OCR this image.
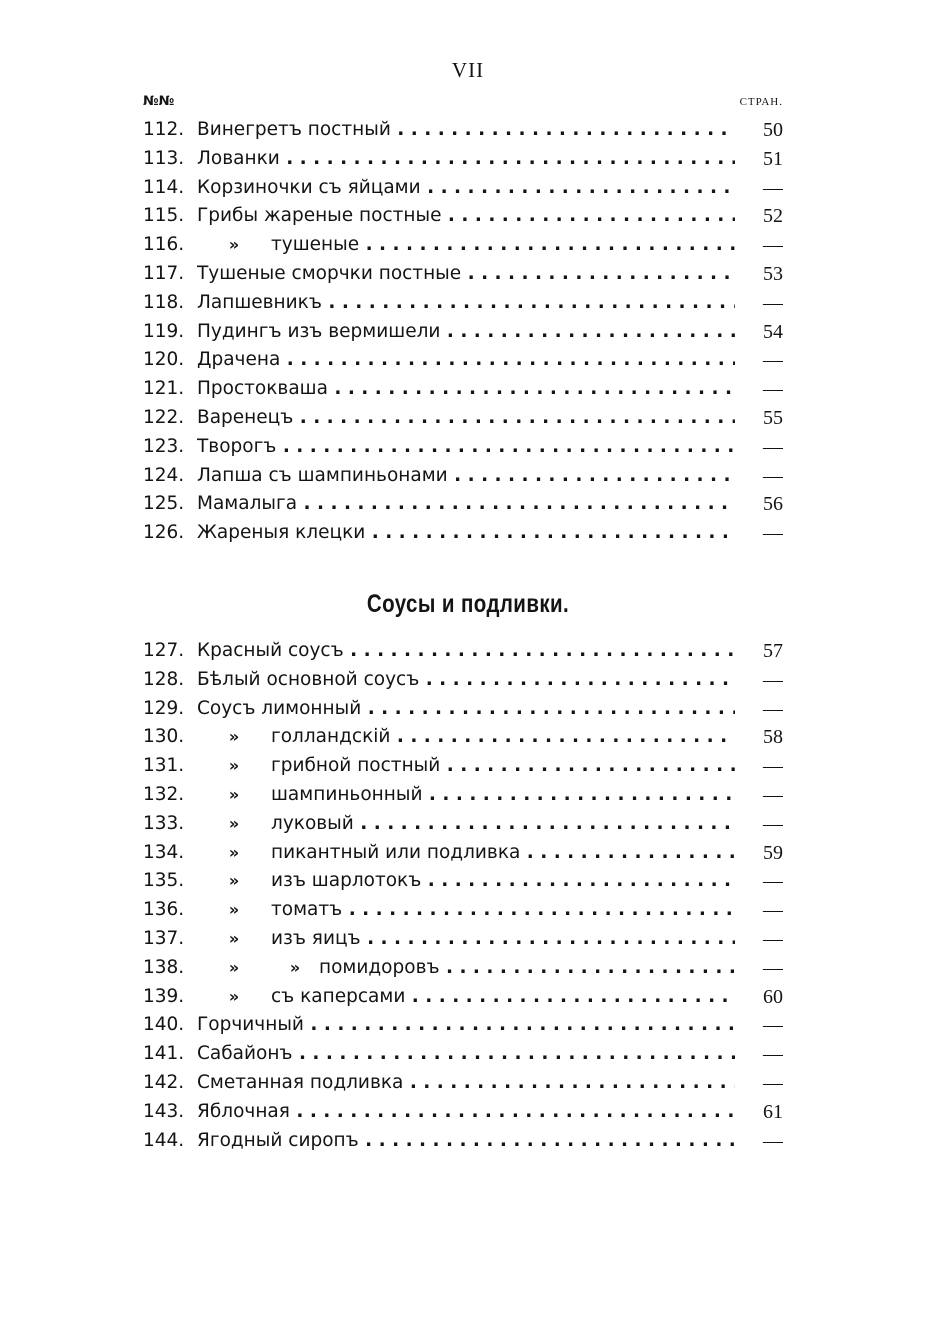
VII
№№	СТРАН.
112. Винегретъ постный . .	50
113. Лованки . .	51
114. Корзиночки съ яйцами . .	—
115. Грибы жареные постные . .	52
116.	» тушеные . .	—
117. Тушеные сморчки постные . .	53
118. Лапшевникъ . .	—
119. Пудингъ изъ вермишели . .	54
120. Драчена . .	—
121. Простокваша . .	—
122. Варенецъ . .	55
123. Творогъ . .	—
124. Лапша съ шампиньонами . .	—
125. Мамалыга . .	56
126. Жареныя клецки . .	—
Соусы и подливки.
127. Красный соусъ . .	57
128. Бѣлый основной соусъ . .	—
129. Соусъ лимонный . .	—
130.	» голландскій . .	58
131.	» грибной постный . .	—
132.	» шампиньонный . .	—
133.	» луковый . .	—
134.	» пикантный или подливка . .	59
135.	» изъ шарлотокъ . .	—
136.	» томатъ . .	—
137.	» изъ яицъ . .	—
138.	»	» помидоровъ . .	—
139.	» съ каперсами . .	60
140. Горчичный . .	—
141. Сабайонъ . .	—
142. Сметанная подливка . .	—
143. Яблочная . .	61
144. Ягодный сиропъ . .	—
